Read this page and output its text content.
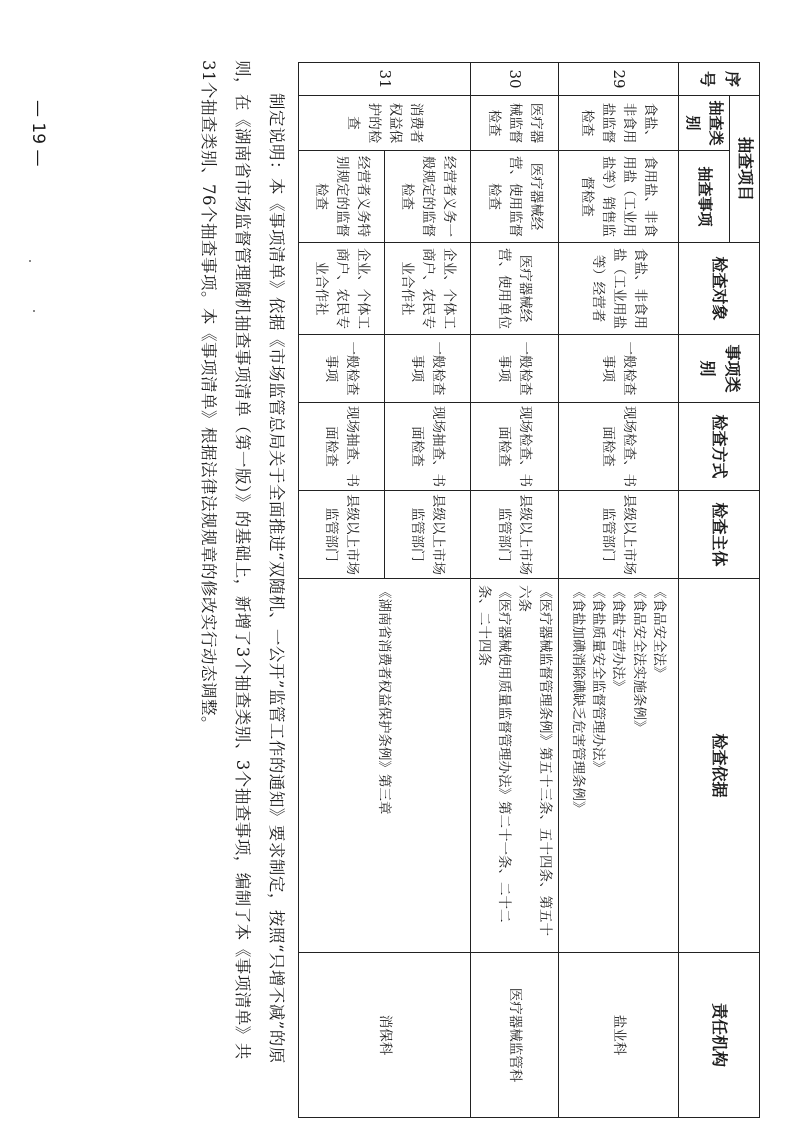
序号	抽查项目		检查对象	事项类别	检查方式	检查主体	检查依据	责任机构
	抽查类别	抽查事项						
29	食盐、非食用盐监督检查	食用盐、非食用盐（工业用盐等）销售监督检查	食盐、非食用盐（工业用盐等）经营者	一般检查事项	现场检查、书面检查	县级以上市场监管部门	《食品安全法》
《食品安全法实施条例》
《食盐专营办法》
《食盐质量安全监督管理办法》
《食盐加碘消除碘缺乏危害管理条例》	盐业科
30	医疗器械监督检查	医疗器械经营、使用监督检查	医疗器械经营、使用单位	一般检查事项	现场检查、书面检查	县级以上市场监管部门	《医疗器械监督管理条例》第五十三条、五十四条、第五十六条
《医疗器械使用质量监督管理办法》第二十一条、二十二条、二十四条	医疗器械监管科
31	消费者权益保护的检查	经营者义务一般规定的监督检查	企业、个体工商户、农民专业合作社	一般检查事项	现场抽查、书面检查	县级以上市场监管部门	《湖南省消费者权益保护条例》第三章	消保科
		经营者义务特别规定的监督检查	企业、个体工商户、农民专业合作社	一般检查事项	现场抽查、书面检查	县级以上市场监管部门		
制定说明：本《事项清单》依据《市场监管总局关于全面推进“双随机、一公开”监管工作的通知》要求制定，按照“只增不减”的原则，在《湖南省市场监督管理随机抽查事项清单（第一版）》的基础上，新增了3个抽查类别、3个抽查事项，编制了本《事项清单》共31个抽查类别、76个抽查事项。本《事项清单》根据法律法规规章的修改实行动态调整。
— 19 —
